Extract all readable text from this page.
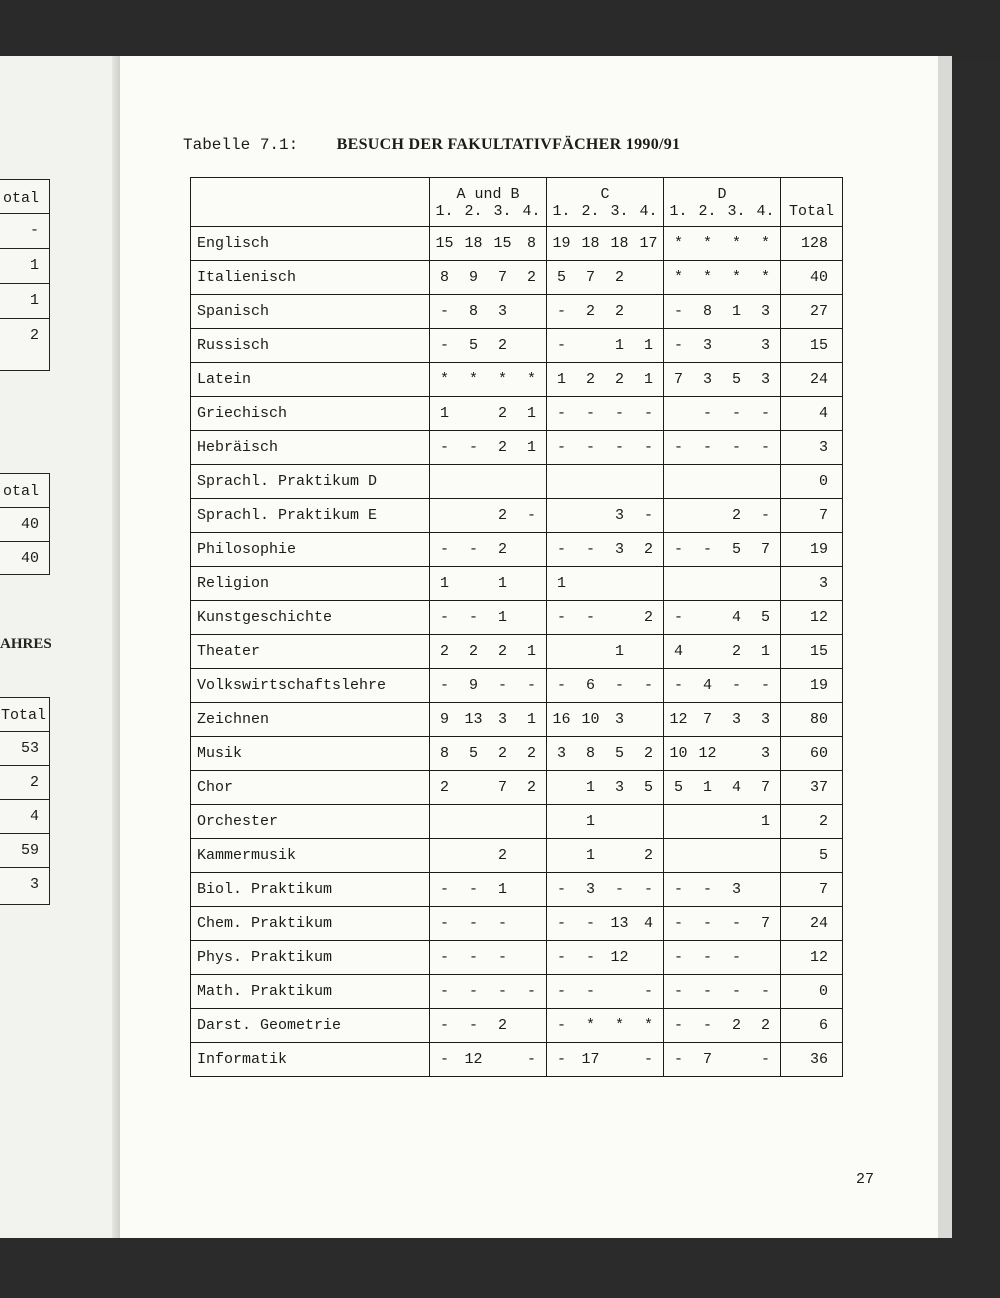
otal
-
1
1
2
otal
40
40
AHRES
Total
53
2
4
59
3
Tabelle 7.1: BESUCH DER FAKULTATIVFÄCHER 1990/91
	A und B				C				D				Total
	1.	2.	3.	4.	1.	2.	3.	4.	1.	2.	3.	4.	
Englisch	15	18	15	8	19	18	18	17	*	*	*	*	128
Italienisch	8	9	7	2	5	7	2		*	*	*	*	40
Spanisch	-	8	3		-	2	2		-	8	1	3	27
Russisch	-	5	2		-		1	1	-	3		3	15
Latein	*	*	*	*	1	2	2	1	7	3	5	3	24
Griechisch	1		2	1	-	-	-	-		-	-	-	4
Hebräisch	-	-	2	1	-	-	-	-	-	-	-	-	3
Sprachl. Praktikum D													0
Sprachl. Praktikum E			2	-			3	-			2	-	7
Philosophie	-	-	2		-	-	3	2	-	-	5	7	19
Religion	1		1		1								3
Kunstgeschichte	-	-	1		-	-		2	-		4	5	12
Theater	2	2	2	1			1		4		2	1	15
Volkswirtschaftslehre	-	9	-	-	-	6	-	-	-	4	-	-	19
Zeichnen	9	13	3	1	16	10	3		12	7	3	3	80
Musik	8	5	2	2	3	8	5	2	10	12		3	60
Chor	2		7	2		1	3	5	5	1	4	7	37
Orchester						1						1	2
Kammermusik			2			1		2					5
Biol. Praktikum	-	-	1		-	3	-	-	-	-	3		7
Chem. Praktikum	-	-	-		-	-	13	4	-	-	-	7	24
Phys. Praktikum	-	-	-		-	-	12		-	-	-		12
Math. Praktikum	-	-	-	-	-	-		-	-	-	-	-	0
Darst. Geometrie	-	-	2		-	*	*	*	-	-	2	2	6
Informatik	-	12		-	-	17		-	-	7		-	36
27
